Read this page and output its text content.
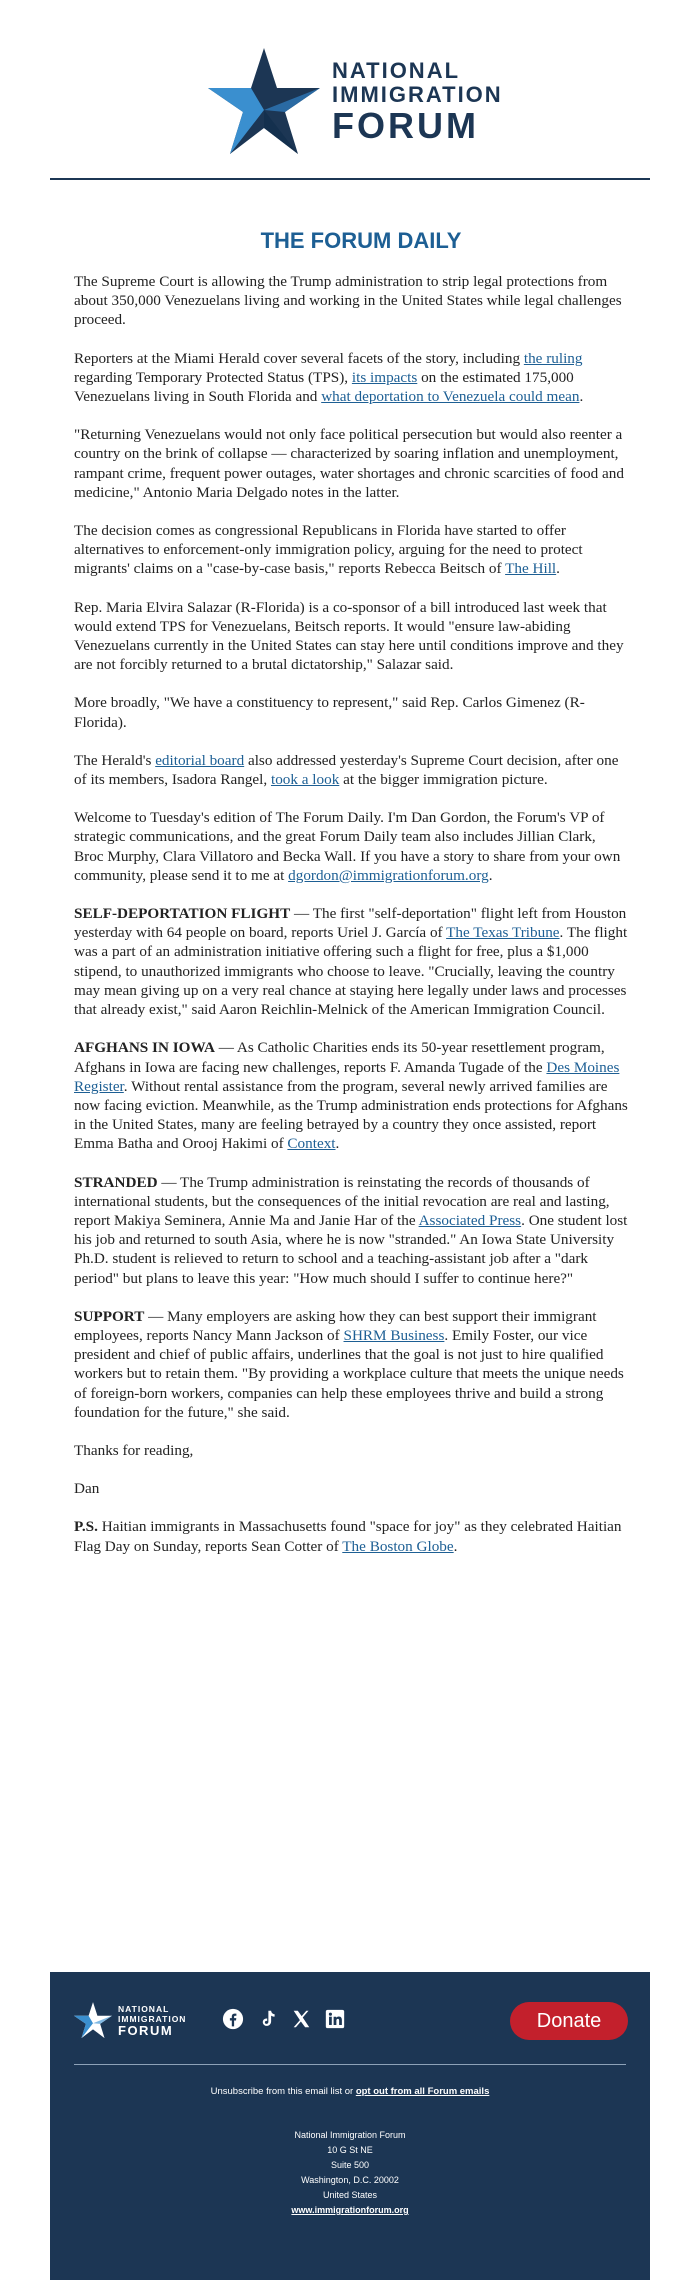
NATIONAL
IMMIGRATION
FORUM
THE FORUM DAILY

The Supreme Court is allowing the Trump administration to strip legal protections from about 350,000 Venezuelans living and working in the United States while legal challenges proceed.

Reporters at the Miami Herald cover several facets of the story, including the ruling regarding Temporary Protected Status (TPS), its impacts on the estimated 175,000 Venezuelans living in South Florida and what deportation to Venezuela could mean.

"Returning Venezuelans would not only face political persecution but would also reenter a country on the brink of collapse — characterized by soaring inflation and unemployment, rampant crime, frequent power outages, water shortages and chronic scarcities of food and medicine," Antonio Maria Delgado notes in the latter.

The decision comes as congressional Republicans in Florida have started to offer alternatives to enforcement-only immigration policy, arguing for the need to protect migrants' claims on a "case-by-case basis," reports Rebecca Beitsch of The Hill.

Rep. Maria Elvira Salazar (R-Florida) is a co-sponsor of a bill introduced last week that would extend TPS for Venezuelans, Beitsch reports. It would "ensure law-abiding Venezuelans currently in the United States can stay here until conditions improve and they are not forcibly returned to a brutal dictatorship," Salazar said.

More broadly, "We have a constituency to represent," said Rep. Carlos Gimenez (R-Florida).

The Herald's editorial board also addressed yesterday's Supreme Court decision, after one of its members, Isadora Rangel, took a look at the bigger immigration picture.

Welcome to Tuesday's edition of The Forum Daily. I'm Dan Gordon, the Forum's VP of strategic communications, and the great Forum Daily team also includes Jillian Clark, Broc Murphy, Clara Villatoro and Becka Wall. If you have a story to share from your own community, please send it to me at dgordon@immigrationforum.org.

SELF-DEPORTATION FLIGHT — The first "self-deportation" flight left from Houston yesterday with 64 people on board, reports Uriel J. García of The Texas Tribune. The flight was a part of an administration initiative offering such a flight for free, plus a $1,000 stipend, to unauthorized immigrants who choose to leave. "Crucially, leaving the country may mean giving up on a very real chance at staying here legally under laws and processes that already exist," said Aaron Reichlin-Melnick of the American Immigration Council.

AFGHANS IN IOWA — As Catholic Charities ends its 50-year resettlement program, Afghans in Iowa are facing new challenges, reports F. Amanda Tugade of the Des Moines Register. Without rental assistance from the program, several newly arrived families are now facing eviction. Meanwhile, as the Trump administration ends protections for Afghans in the United States, many are feeling betrayed by a country they once assisted, report Emma Batha and Orooj Hakimi of Context.

STRANDED — The Trump administration is reinstating the records of thousands of international students, but the consequences of the initial revocation are real and lasting, report Makiya Seminera, Annie Ma and Janie Har of the Associated Press. One student lost his job and returned to south Asia, where he is now "stranded." An Iowa State University Ph.D. student is relieved to return to school and a teaching-assistant job after a "dark period" but plans to leave this year: "How much should I suffer to continue here?"

SUPPORT — Many employers are asking how they can best support their immigrant employees, reports Nancy Mann Jackson of SHRM Business. Emily Foster, our vice president and chief of public affairs, underlines that the goal is not just to hire qualified workers but to retain them. "By providing a workplace culture that meets the unique needs of foreign-born workers, companies can help these employees thrive and build a strong foundation for the future," she said.

Thanks for reading,

Dan

P.S. Haitian immigrants in Massachusetts found "space for joy" as they celebrated Haitian Flag Day on Sunday, reports Sean Cotter of The Boston Globe.

NATIONAL
IMMIGRATION
FORUM	Donate
Unsubscribe from this email list or opt out from all Forum emails
National Immigration Forum
10 G St NE
Suite 500
Washington, D.C. 20002
United States
www.immigrationforum.org
